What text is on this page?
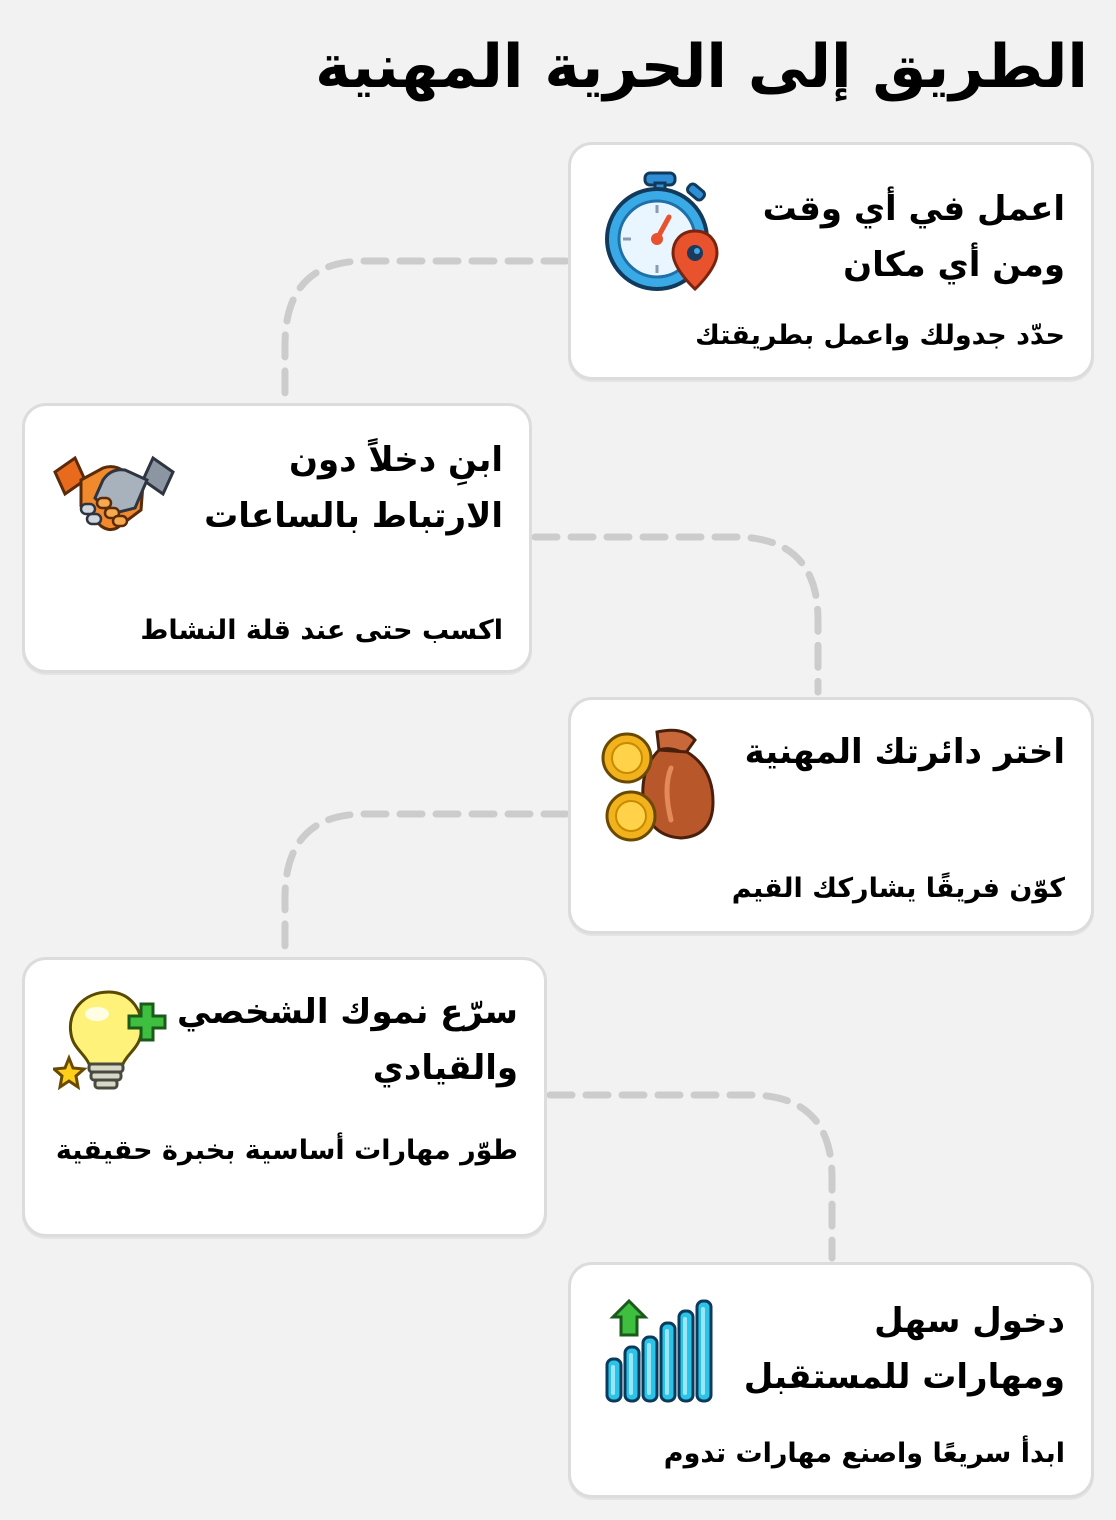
الطريق إلى الحرية المهنية
اعمل في أي وقت ومن أي مكان

حدّد جدولك واعمل بطريقتك

ابنِ دخلاً دون الارتباط بالساعات

اكسب حتى عند قلة النشاط

اختر دائرتك المهنية

كوّن فريقًا يشاركك القيم

سرّع نموك الشخصي والقيادي

طوّر مهارات أساسية بخبرة حقيقية

دخول سهل ومهارات للمستقبل

ابدأ سريعًا واصنع مهارات تدوم
